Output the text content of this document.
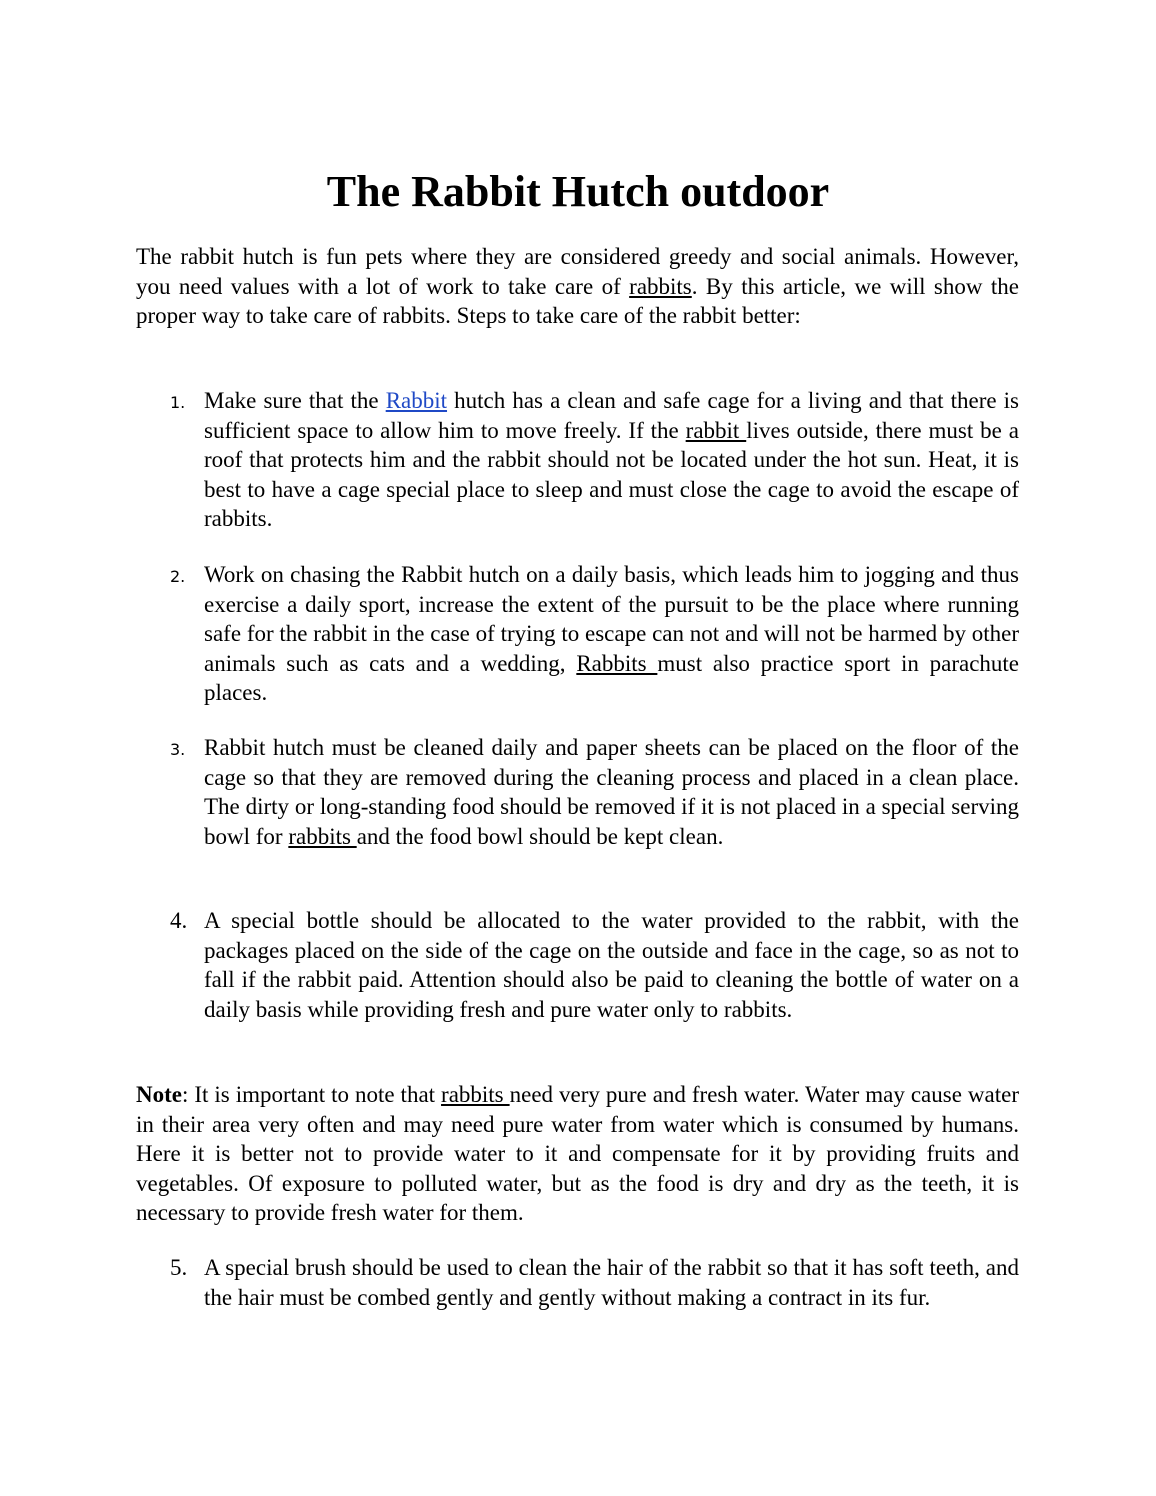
The Rabbit Hutch outdoor

The rabbit hutch is fun pets where they are considered greedy and social animals. However, you need values with a lot of work to take care of rabbits. By this article, we will show the proper way to take care of rabbits. Steps to take care of the rabbit better:

1. Make sure that the Rabbit hutch has a clean and safe cage for a living and that there is sufficient space to allow him to move freely. If the rabbit lives outside, there must be a roof that protects him and the rabbit should not be located under the hot sun. Heat, it is best to have a cage special place to sleep and must close the cage to avoid the escape of rabbits.

2. Work on chasing the Rabbit hutch on a daily basis, which leads him to jogging and thus exercise a daily sport, increase the extent of the pursuit to be the place where running safe for the rabbit in the case of trying to escape can not and will not be harmed by other animals such as cats and a wedding, Rabbits must also practice sport in parachute places.

3. Rabbit hutch must be cleaned daily and paper sheets can be placed on the floor of the cage so that they are removed during the cleaning process and placed in a clean place. The dirty or long-standing food should be removed if it is not placed in a special serving bowl for rabbits and the food bowl should be kept clean.

4. A special bottle should be allocated to the water provided to the rabbit, with the packages placed on the side of the cage on the outside and face in the cage, so as not to fall if the rabbit paid. Attention should also be paid to cleaning the bottle of water on a daily basis while providing fresh and pure water only to rabbits.

Note: It is important to note that rabbits need very pure and fresh water. Water may cause water in their area very often and may need pure water from water which is consumed by humans. Here it is better not to provide water to it and compensate for it by providing fruits and vegetables. Of exposure to polluted water, but as the food is dry and dry as the teeth, it is necessary to provide fresh water for them.

5. A special brush should be used to clean the hair of the rabbit so that it has soft teeth, and the hair must be combed gently and gently without making a contract in its fur.
